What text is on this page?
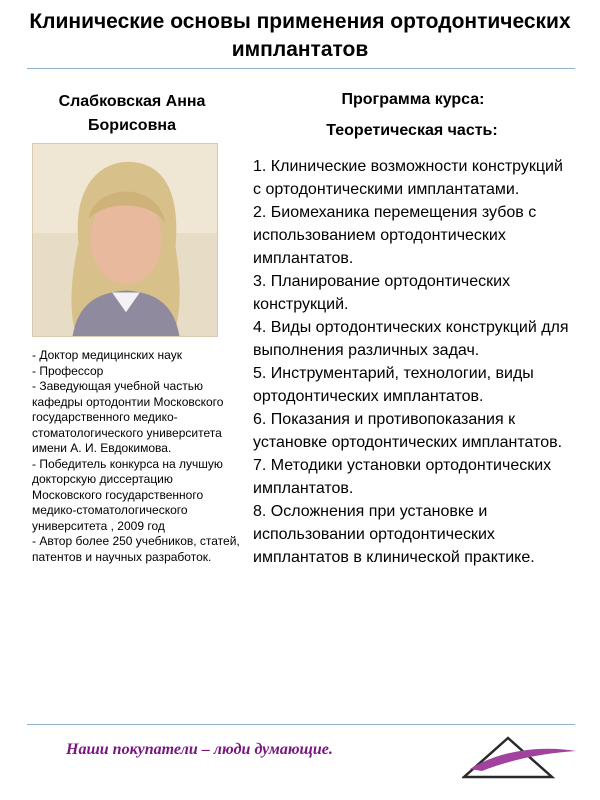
Клинические основы применения ортодонтических имплантатов
Слабковская Анна Борисовна
- Доктор медицинских наук
- Профессор
- Заведующая учебной частью кафедры ортодонтии Московского государственного медико-стоматологического университета имени А. И. Евдокимова.
- Победитель конкурса на лучшую докторскую диссертацию Московского государственного медико-стоматологического университета , 2009 год
- Автор более 250 учебников, статей, патентов и научных разработок.
Программа курса:
Теоретическая часть:
1. Клинические возможности конструкций с ортодонтическими имплантатами.
2. Биомеханика перемещения зубов с использованием ортодонтических имплантатов.
3. Планирование ортодонтических конструкций.
4. Виды ортодонтических конструкций для выполнения различных задач.
5. Инструментарий, технологии, виды ортодонтических имплантатов.
6. Показания и противопоказания к установке ортодонтических имплантатов.
7. Методики установки ортодонтических имплантатов.
8. Осложнения при установке и использовании ортодонтических имплантатов в клинической практике.
Наши покупатели – люди думающие.
